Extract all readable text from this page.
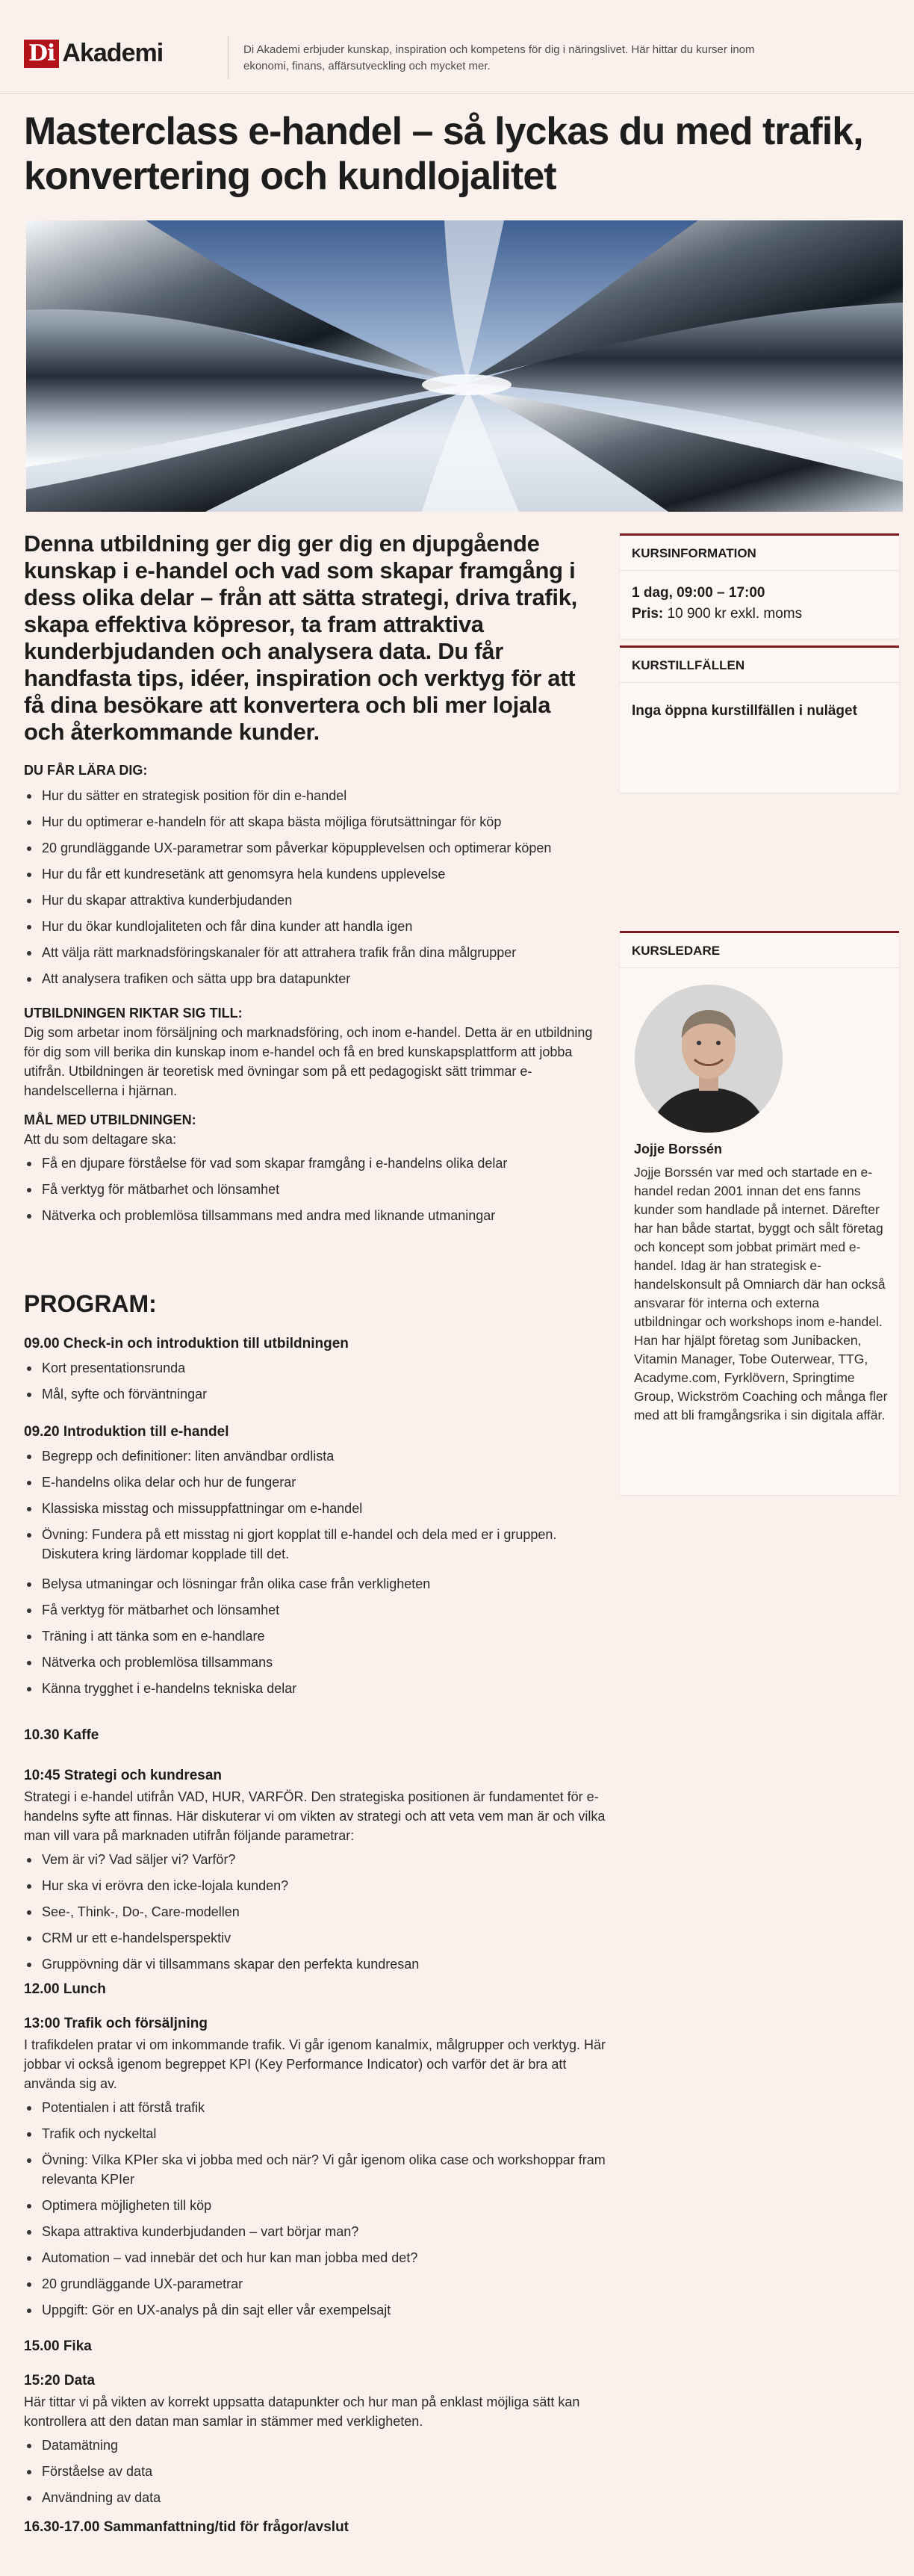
Di Akademi	Di Akademi erbjuder kunskap, inspiration och kompetens för dig i näringslivet. Här hittar du kurser inom ekonomi, finans, affärsutveckling och mycket mer.
Masterclass e-handel – så lyckas du med trafik, konvertering och kundlojalitet

Denna utbildning ger dig ger dig en djupgående kunskap i e-handel och vad som skapar framgång i dess olika delar – från att sätta strategi, driva trafik, skapa effektiva köpresor, ta fram attraktiva kunderbjudanden och analysera data. Du får handfasta tips, idéer, inspiration och verktyg för att få dina besökare att konvertera och bli mer lojala och återkommande kunder.

DU FÅR LÄRA DIG:
Hur du sätter en strategisk position för din e-handel
Hur du optimerar e-handeln för att skapa bästa möjliga förutsättningar för köp
20 grundläggande UX-parametrar som påverkar köpupplevelsen och optimerar köpen
Hur du får ett kundresetänk att genomsyra hela kundens upplevelse
Hur du skapar attraktiva kunderbjudanden
Hur du ökar kundlojaliteten och får dina kunder att handla igen
Att välja rätt marknadsföringskanaler för att attrahera trafik från dina målgrupper
Att analysera trafiken och sätta upp bra datapunkter
UTBILDNINGEN RIKTAR SIG TILL:

Dig som arbetar inom försäljning och marknadsföring, och inom e-handel. Detta är en utbildning för dig som vill berika din kunskap inom e-handel och få en bred kunskapsplattform att jobba utifrån. Utbildningen är teoretisk med övningar som på ett pedagogiskt sätt trimmar e-handelscellerna i hjärnan.

MÅL MED UTBILDNINGEN:

Att du som deltagare ska:

Få en djupare förståelse för vad som skapar framgång i e-handelns olika delar
Få verktyg för mätbarhet och lönsamhet
Nätverka och problemlösa tillsammans med andra med liknande utmaningar
PROGRAM:
09.00 Check-in och introduktion till utbildningen
Kort presentationsrunda
Mål, syfte och förväntningar
09.20 Introduktion till e-handel
Begrepp och definitioner: liten användbar ordlista
E-handelns olika delar och hur de fungerar
Klassiska misstag och missuppfattningar om e-handel
Övning: Fundera på ett misstag ni gjort kopplat till e-handel och dela med er i gruppen. Diskutera kring lärdomar kopplade till det.
Belysa utmaningar och lösningar från olika case från verkligheten
Få verktyg för mätbarhet och lönsamhet
Träning i att tänka som en e-handlare
Nätverka och problemlösa tillsammans
Känna trygghet i e-handelns tekniska delar
10.30 Kaffe
10:45 Strategi och kundresan

Strategi i e-handel utifrån VAD, HUR, VARFÖR. Den strategiska positionen är fundamentet för e-handelns syfte att finnas. Här diskuterar vi om vikten av strategi och att veta vem man är och vilka man vill vara på marknaden utifrån följande parametrar:

Vem är vi? Vad säljer vi? Varför?
Hur ska vi erövra den icke-lojala kunden?
See-, Think-, Do-, Care-modellen
CRM ur ett e-handelsperspektiv
Gruppövning där vi tillsammans skapar den perfekta kundresan
12.00 Lunch
13:00 Trafik och försäljning

I trafikdelen pratar vi om inkommande trafik. Vi går igenom kanalmix, målgrupper och verktyg. Här jobbar vi också igenom begreppet KPI (Key Performance Indicator) och varför det är bra att använda sig av.

Potentialen i att förstå trafik
Trafik och nyckeltal
Övning: Vilka KPIer ska vi jobba med och när? Vi går igenom olika case och workshoppar fram relevanta KPIer
Optimera möjligheten till köp
Skapa attraktiva kunderbjudanden – vart börjar man?
Automation – vad innebär det och hur kan man jobba med det?
20 grundläggande UX-parametrar
Uppgift: Gör en UX-analys på din sajt eller vår exempelsajt
15.00 Fika
15:20 Data

Här tittar vi på vikten av korrekt uppsatta datapunkter och hur man på enklast möjliga sätt kan kontrollera att den datan man samlar in stämmer med verkligheten.

Datamätning
Förståelse av data
Användning av data
16.30-17.00 Sammanfattning/tid för frågor/avslut
KURSINFORMATION
1 dag, 09:00 – 17:00
Pris: 10 900 kr exkl. moms
KURSTILLFÄLLEN
Inga öppna kurstillfällen i nuläget
KURSLEDARE
Jojje Borssén
Jojje Borssén var med och startade en e-handel redan 2001 innan det ens fanns kunder som handlade på internet. Därefter har han både startat, byggt och sålt företag och koncept som jobbat primärt med e-handel. Idag är han strategisk e-handelskonsult på Omniarch där han också ansvarar för interna och externa utbildningar och workshops inom e-handel. Han har hjälpt företag som Junibacken, Vitamin Manager, Tobe Outerwear, TTG, Acadyme.com, Fyrklövern, Springtime Group, Wickström Coaching och många fler med att bli framgångsrika i sin digitala affär.
